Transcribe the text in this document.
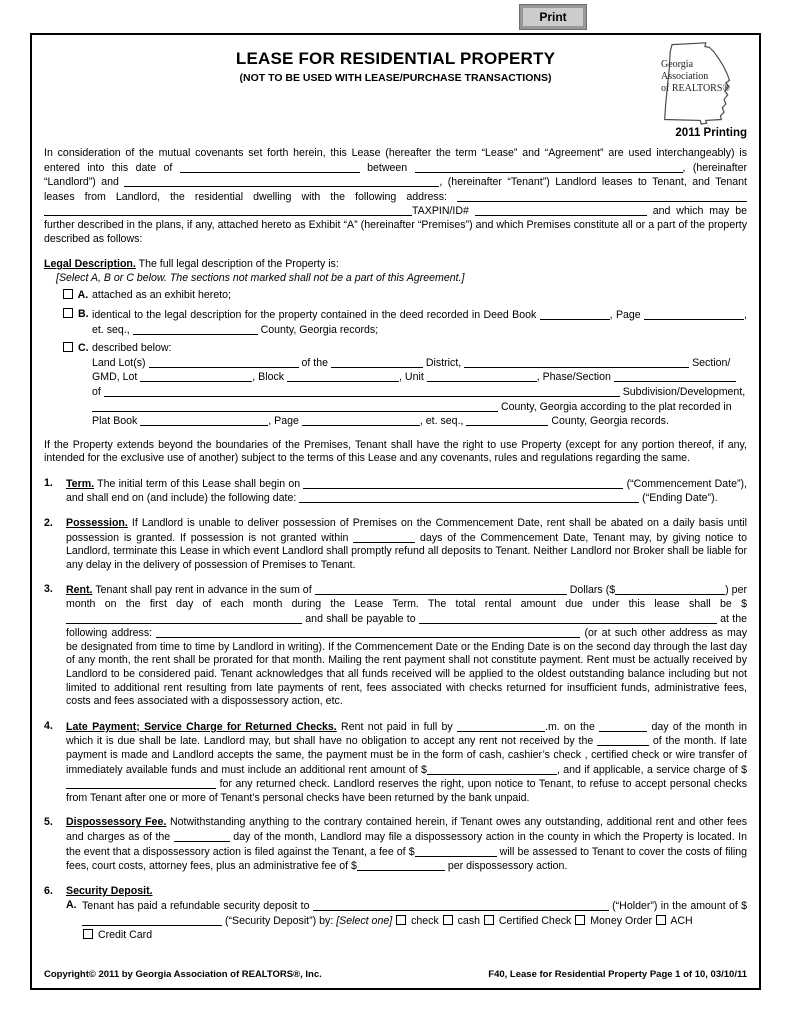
Print
LEASE FOR RESIDENTIAL PROPERTY
(NOT TO BE USED WITH LEASE/PURCHASE TRANSACTIONS)
Georgia
Association
of REALTORS®
2011 Printing
In consideration of the mutual covenants set forth herein, this Lease (hereafter the term “Lease” and “Agreement” are used interchangeably) is entered into this date of	between	, (hereinafter “Landlord”) and	, (hereinafter “Tenant”) Landlord leases to Tenant, and Tenant leases from Landlord, the residential dwelling with the following address:  TAXPIN/ID#	and which may be further described in the plans, if any, attached hereto as Exhibit “A” (hereinafter “Premises”) and which Premises constitute all or a part of the property described as follows:
Legal Description. The full legal description of the Property is:
[Select A, B or C below. The sections not marked shall not be a part of this Agreement.]
A. attached as an exhibit hereto;
B. identical to the legal description for the property contained in the deed recorded in Deed Book	, Page	, et. seq.,	County, Georgia records;
C. described below:
Land Lot(s)	of the	District,	Section/
GMD, Lot	, Block	, Unit	, Phase/Section
of	Subdivision/Development,
County, Georgia according to the plat recorded in
Plat Book	, Page	, et. seq.,	County, Georgia records.
If the Property extends beyond the boundaries of the Premises, Tenant shall have the right to use Property (except for any portion thereof, if any, intended for the exclusive use of another) subject to the terms of this Lease and any covenants, rules and regulations regarding the same.
1. Term. The initial term of this Lease shall begin on	(“Commencement Date”), and shall end on (and include) the following date:	(“Ending Date”).
2. Possession. If Landlord is unable to deliver possession of Premises on the Commencement Date, rent shall be abated on a daily basis until possession is granted. If possession is not granted within	days of the Commencement Date, Tenant may, by giving notice to Landlord, terminate this Lease in which event Landlord shall promptly refund all deposits to Tenant. Neither Landlord nor Broker shall be liable for any delay in the delivery of possession of Premises to Tenant.
3. Rent. Tenant shall pay rent in advance in the sum of	Dollars ($	) per month on the first day of each month during the Lease Term. The total rental amount due under this lease shall be $ and shall be payable to	at the following address:	(or at such other address as may be designated from time to time by Landlord in writing). If the Commencement Date or the Ending Date is on the second day through the last day of any month, the rent shall be prorated for that month. Mailing the rent payment shall not constitute payment. Rent must be actually received by Landlord to be considered paid. Tenant acknowledges that all funds received will be applied to the oldest outstanding balance including but not limited to additional rent resulting from late payments of rent, fees associated with checks returned for insufficient funds, administrative fees, costs and fees associated with a dispossessory action, etc.
4. Late Payment; Service Charge for Returned Checks. Rent not paid in full by	.m. on the	day of the month in which it is due shall be late. Landlord may, but shall have no obligation to accept any rent not received by the	of the month. If late payment is made and Landlord accepts the same, the payment must be in the form of cash, cashier’s check , certified check or wire transfer of immediately available funds and must include an additional rent amount of $	, and if applicable, a service charge of $ for any returned check. Landlord reserves the right, upon notice to Tenant, to refuse to accept personal checks from Tenant after one or more of Tenant’s personal checks have been returned by the bank unpaid.
5. Dispossessory Fee. Notwithstanding anything to the contrary contained herein, if Tenant owes any outstanding, additional rent and other fees and charges as of the	day of the month, Landlord may file a dispossessory action in the county in which the Property is located. In the event that a dispossessory action is filed against the Tenant, a fee of $	will be assessed to Tenant to cover the costs of filing fees, court costs, attorney fees, plus an administrative fee of $	per dispossessory action.
6. Security Deposit.
A. Tenant has paid a refundable security deposit to	(“Holder”) in the amount of $ (“Security Deposit”) by: [Select one]  check  cash  Certified Check  Money Order  ACH
Credit Card
Copyright© 2011 by Georgia Association of REALTORS®, Inc.	F40, Lease for Residential Property Page 1 of 10, 03/10/11
